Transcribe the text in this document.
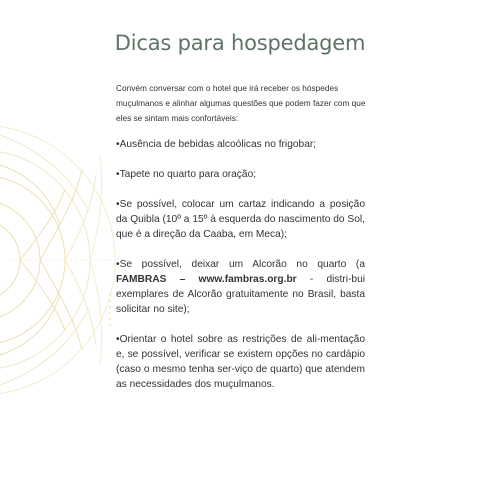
Dicas para hospedagem
Convém conversar com o hotel que irá receber os hóspedes muçulmanos e alinhar algumas questões que podem fazer com que eles se sintam mais confortáveis:

•Ausência de bebidas alcoólicas no frigobar;

•Tapete no quarto para oração;

•Se possível, colocar um cartaz indicando a posição da Quibla (10º a 15º à esquerda do nascimento do Sol, que é a direção da Caaba, em Meca);

•Se possível, deixar um Alcorão no quarto (a FAMBRAS – www.fambras.org.br - distri-bui exemplares de Alcorão gratuitamente no Brasil, basta solicitar no site);

•Orientar o hotel sobre as restrições de ali-mentação e, se possível, verificar se existem opções no cardápio (caso o mesmo tenha ser-viço de quarto) que atendem as necessidades dos muçulmanos.
